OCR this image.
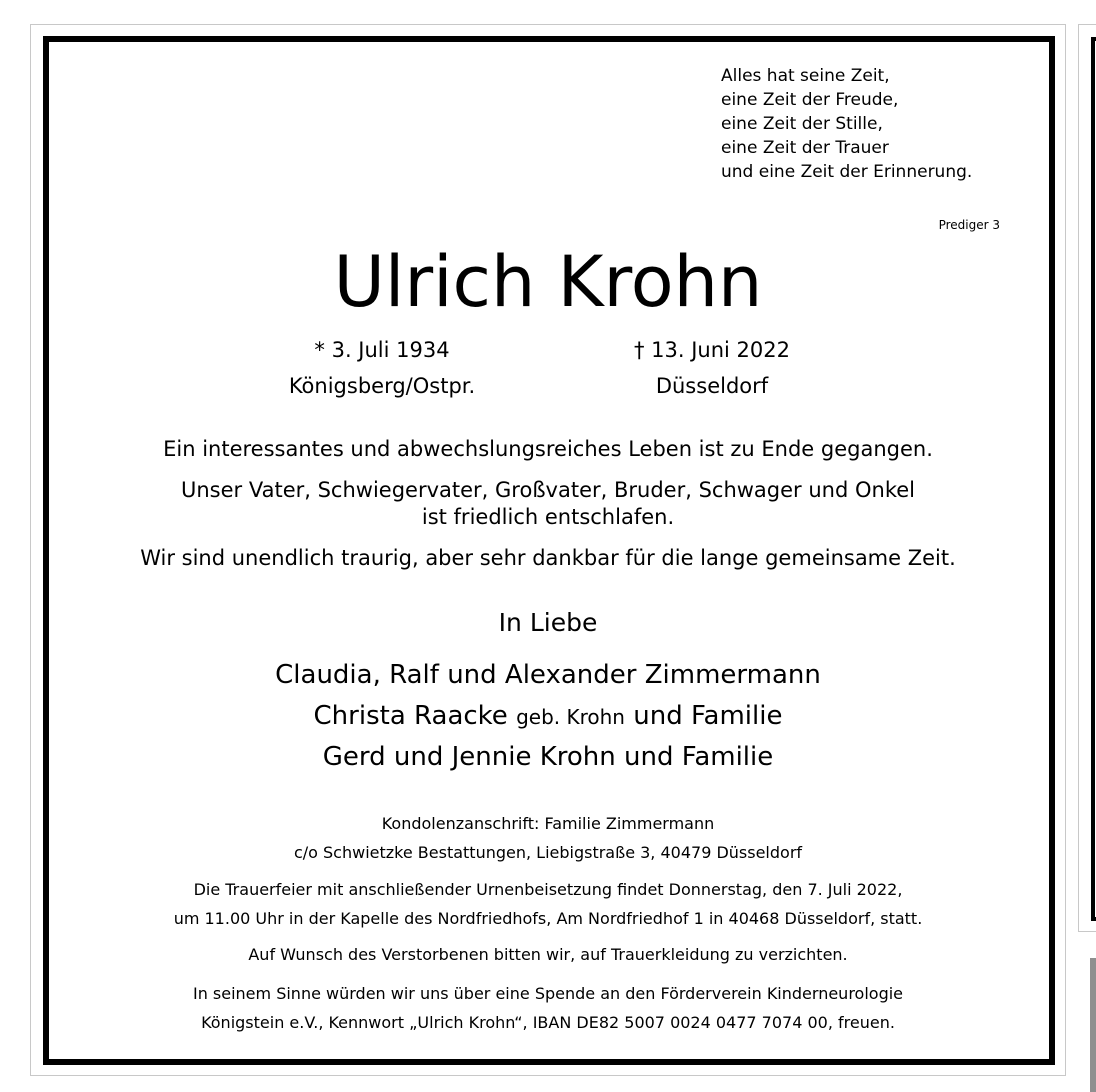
Alles hat seine Zeit,
eine Zeit der Freude,
eine Zeit der Stille,
eine Zeit der Trauer
und eine Zeit der Erinnerung.
Prediger 3
Ulrich Krohn
* 3. Juli 1934
Königsberg/Ostpr.
† 13. Juni 2022
Düsseldorf
Ein interessantes und abwechslungsreiches Leben ist zu Ende gegangen.
Unser Vater, Schwiegervater, Großvater, Bruder, Schwager und Onkel
ist friedlich entschlafen.
Wir sind unendlich traurig, aber sehr dankbar für die lange gemeinsame Zeit.
In Liebe
Claudia, Ralf und Alexander Zimmermann
Christa Raacke geb. Krohn und Familie
Gerd und Jennie Krohn und Familie
Kondolenzanschrift: Familie Zimmermann
c/o Schwietzke Bestattungen, Liebigstraße 3, 40479 Düsseldorf
Die Trauerfeier mit anschließender Urnenbeisetzung findet Donnerstag, den 7. Juli 2022,
um 11.00 Uhr in der Kapelle des Nordfriedhofs, Am Nordfriedhof 1 in 40468 Düsseldorf, statt.
Auf Wunsch des Verstorbenen bitten wir, auf Trauerkleidung zu verzichten.
In seinem Sinne würden wir uns über eine Spende an den Förderverein Kinderneurologie
Königstein e.V., Kennwort „Ulrich Krohn“, IBAN DE82 5007 0024 0477 7074 00, freuen.
